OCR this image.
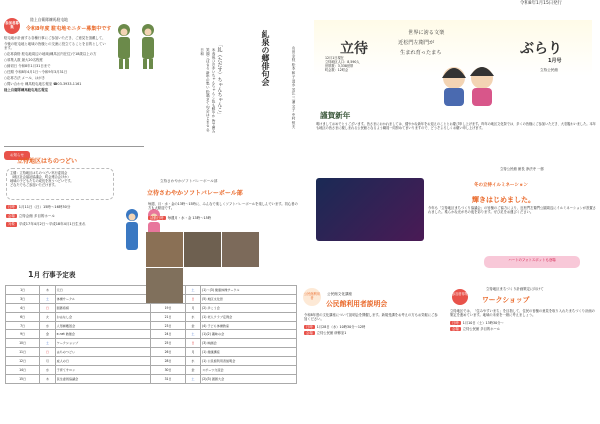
令和8年1月15日発行
参加者募集
陸上自衛隊練馬駐屯地
令和8年度 駐屯地モニター募集中です

駐屯地が計画する各種行事にご参加いただき、ご意見を頂戴して、

今後の駐屯地と地域の皆様との交流に役立てることを目的としています。

○応募資格 駐屯地周辺の地域(練馬区内在住)で18歳以上の方

○募集人数 最大20名程度

○締切日 令和8年1月31日まで

○任期 令和8年4月1日～令和9年3月31日

○応募方法 メール、はがき

○問い合わせ 練馬駐屯地広報室 ☎03-3933-1161

陸上自衛隊練馬駐屯地広報室

お知らせ
立待地区はちのつどい
主催：立待地区はちのつどい実行委員会
（地区社会福祉協議会、町会連合会ほか）
地域の子どもたちの成長を祝うつどいです。
どなたでもご参加いただけます。
日時 1月11日（日）15時～16時30分
会場 立待会館 多目的ホール
対象 平成17年4月2日～平成18年4月1日生まれ
1月 行事予定表
1日	木	元日		土	(1)～(3) 健康体操サークル
3日	土	体操サークル		日	(5) 地区文化祭
4日	日	囲碁将棋	19日	月	(2) 歩こう会
6日	火	おはなし会	21日	水	(1) 老人クラブ定例会
7日	水	人形劇鑑賞会	23日	金	(4) 子ども体操教室
9日	金	e-net 勉強会	24日	土	(1)(2) 趣味の会
10日	土	ワークショップ	25日	日	(3) 映画会
11日	日	はちのつどい	26日	月	(1) 健康講座
12日	月	成人の日	28日	水	(1) 公民館利用者説明会
14日	水	子育てサロン	30日	金	スポーツ交流会
15日	木	民生委員協議会	31日	土	(2)(3) 囲碁大会
糺泉の郷俳句会
「糺（ただす）ちゃんちゃんこ」
米寿祝ひの赤いちゃんちゃんこ 色も鮮やか 皆で囲み 笑顔こぼるる 新年の集い 松過ぎて 句会はじまる 冬日和	山田 幸枝 松本 和子 清水 芳江 三浦 文子 中村 恒夫
立待さわやかソフトバレーボール部
立待さわやかソフトバレーボール部
毎週、月・水・金の13時～15時に、みんなで楽しくソフトバレーボールを楽しんでいます。初心者の方も大歓迎です。
活動日時 毎週月・水・金 13時～15時
立待
世界に誇る文楽
近松門左衛門が
生まれ育ったまち	ぶらり
1月号
立待公民館
12月1日現在
立待地区人口：8,590人
世帯数：3,338世帯
町会数：12町会
謹賀新年
明けましておめでとうございます。皆さまにおかれましては、健やかな新年をお迎えのこととお慶び申し上げます。昨年の地区文化祭では、多くの皆様にご参加いただき、大変賑わいました。本年も地区の皆さまに親しまれる公民館となるよう職員一同努めてまいりますので、どうぞよろしくお願い申し上げます。
立待公民館 館長 浄法寺 一郎
冬の立待イルミネーション
輝きはじめました。
今年も「立待地区まちづくり協議会」の皆様のご協力により、近松門左衛門公園周辺にイルミネーションが設置されました。柔らかな光が冬の夜を彩ります。ぜひ足をお運びください。
ハートのフォトスポットも登場
公民館利用者
公民館文化講座
公民館利用者説明会
令和8年度の文化講座について説明会を開催します。新規受講をお考えの方もお気軽にご参加ください。
日時 1月28日（水）10時30分～12時
会場 立待公民館 研修室1
参加者募集
立待地区まちづくり計画策定に向けて
ワークショップ
立待地区では、「住みやすいまち」を目指して、住民の皆様の意見を取り入れたまちづくり計画の策定を進めています。地域の未来を一緒に考えましょう。
日時 1月10日（土）13時30分～
会場 立待公民館 多目的ホール
